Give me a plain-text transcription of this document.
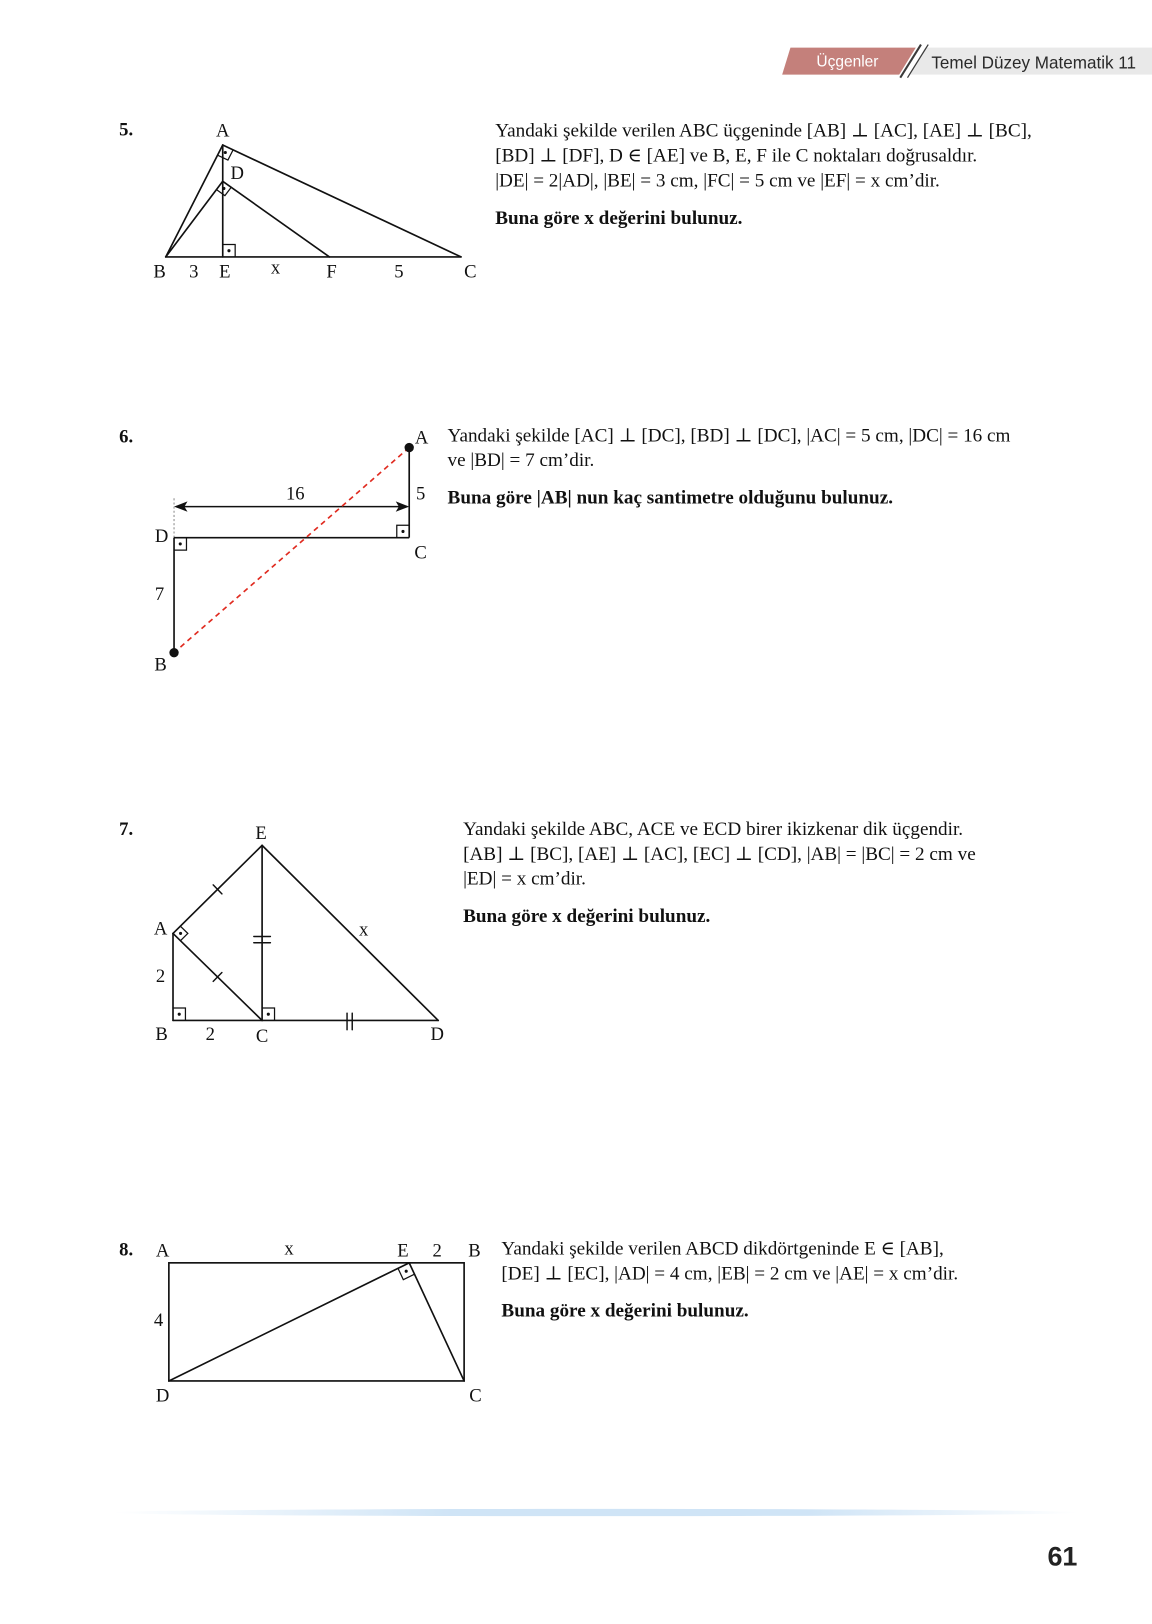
Üçgenler	Temel Düzey Matematik 11
A
D
B 3 E x	F	5	C
A
5
16
D
C
7
B
E
A	x
2
B 2 C	D
A	x	E 2 B
4
D	C
61
5.	Yandaki şekilde verilen ABC üçgeninde [AB] ⊥ [AC], [AE] ⊥ [BC],
[BD] ⊥ [DF], D ∈ [AE] ve B, E, F ile C noktaları doğrusaldır.
|DE| = 2|AD|, |BE| = 3 cm, |FC| = 5 cm ve |EF| = x cm’dir.
Buna göre x değerini bulunuz.
6.	Yandaki şekilde [AC] ⊥ [DC], [BD] ⊥ [DC], |AC| = 5 cm, |DC| = 16 cm
ve |BD| = 7 cm’dir.
Buna göre |AB| nun kaç santimetre olduğunu bulunuz.
7.	Yandaki şekilde ABC, ACE ve ECD birer ikizkenar dik üçgendir.
[AB] ⊥ [BC], [AE] ⊥ [AC], [EC] ⊥ [CD], |AB| = |BC| = 2 cm ve
|ED| = x cm’dir.
Buna göre x değerini bulunuz.
8.	Yandaki şekilde verilen ABCD dikdörtgeninde E ∈ [AB],
[DE] ⊥ [EC], |AD| = 4 cm, |EB| = 2 cm ve |AE| = x cm’dir.
Buna göre x değerini bulunuz.
